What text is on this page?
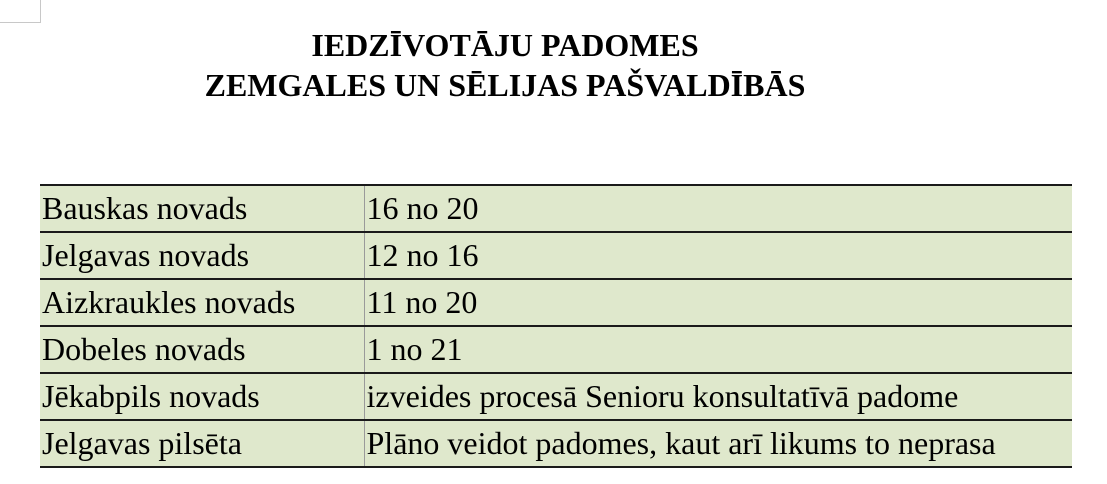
IEDZĪVOTĀJU PADOMES
ZEMGALES UN SĒLIJAS PAŠVALDĪBĀS
Bauskas novads	16 no 20
Jelgavas novads	12 no 16
Aizkraukles novads	11 no 20
Dobeles novads	1 no 21
Jēkabpils novads	izveides procesā Senioru konsultatīvā padome
Jelgavas pilsēta	Plāno veidot padomes, kaut arī likums to neprasa
